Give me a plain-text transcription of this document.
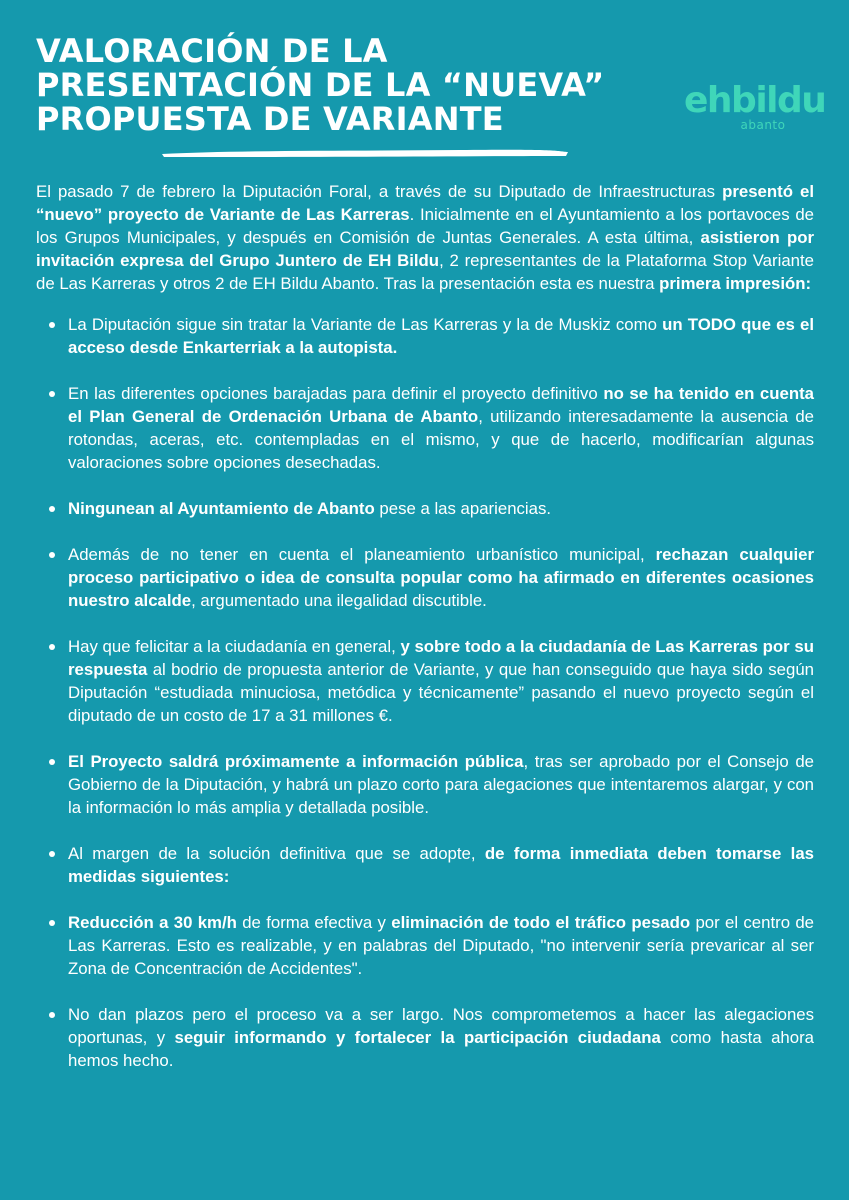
VALORACIÓN DE LA
PRESENTACIÓN DE LA “NUEVA”
PROPUESTA DE VARIANTE	ehbildu
abanto

El pasado 7 de febrero la Diputación Foral, a través de su Diputado de Infraestructuras presentó el “nuevo” proyecto de Variante de Las Karreras. Inicialmente en el Ayuntamiento a los portavoces de los Grupos Municipales, y después en Comisión de Juntas Generales. A esta última, asistieron por invitación expresa del Grupo Juntero de EH Bildu, 2 representantes de la Plataforma Stop Variante de Las Karreras y otros 2 de EH Bildu Abanto. Tras la presentación esta es nuestra primera impresión:

La Diputación sigue sin tratar la Variante de Las Karreras y la de Muskiz como un TODO que es el acceso desde Enkarterriak a la autopista.
En las diferentes opciones barajadas para definir el proyecto definitivo no se ha tenido en cuenta el Plan General de Ordenación Urbana de Abanto, utilizando interesadamente la ausencia de rotondas, aceras, etc. contempladas en el mismo, y que de hacerlo, modificarían algunas valoraciones sobre opciones desechadas.
Ningunean al Ayuntamiento de Abanto pese a las apariencias.
Además de no tener en cuenta el planeamiento urbanístico municipal, rechazan cualquier proceso participativo o idea de consulta popular como ha afirmado en diferentes ocasiones nuestro alcalde, argumentado una ilegalidad discutible.
Hay que felicitar a la ciudadanía en general, y sobre todo a la ciudadanía de Las Karreras por su respuesta al bodrio de propuesta anterior de Variante, y que han conseguido que haya sido según Diputación “estudiada minuciosa, metódica y técnicamente” pasando el nuevo proyecto según el diputado de un costo de 17 a 31 millones €.
El Proyecto saldrá próximamente a información pública, tras ser aprobado por el Consejo de Gobierno de la Diputación, y habrá un plazo corto para alegaciones que intentaremos alargar, y con la información lo más amplia y detallada posible.
Al margen de la solución definitiva que se adopte, de forma inmediata deben tomarse las medidas siguientes:
Reducción a 30 km/h de forma efectiva y eliminación de todo el tráfico pesado por el centro de Las Karreras. Esto es realizable, y en palabras del Diputado, "no intervenir sería prevaricar al ser Zona de Concentración de Accidentes".
No dan plazos pero el proceso va a ser largo. Nos comprometemos a hacer las alegaciones oportunas, y seguir informando y fortalecer la participación ciudadana como hasta ahora hemos hecho.
